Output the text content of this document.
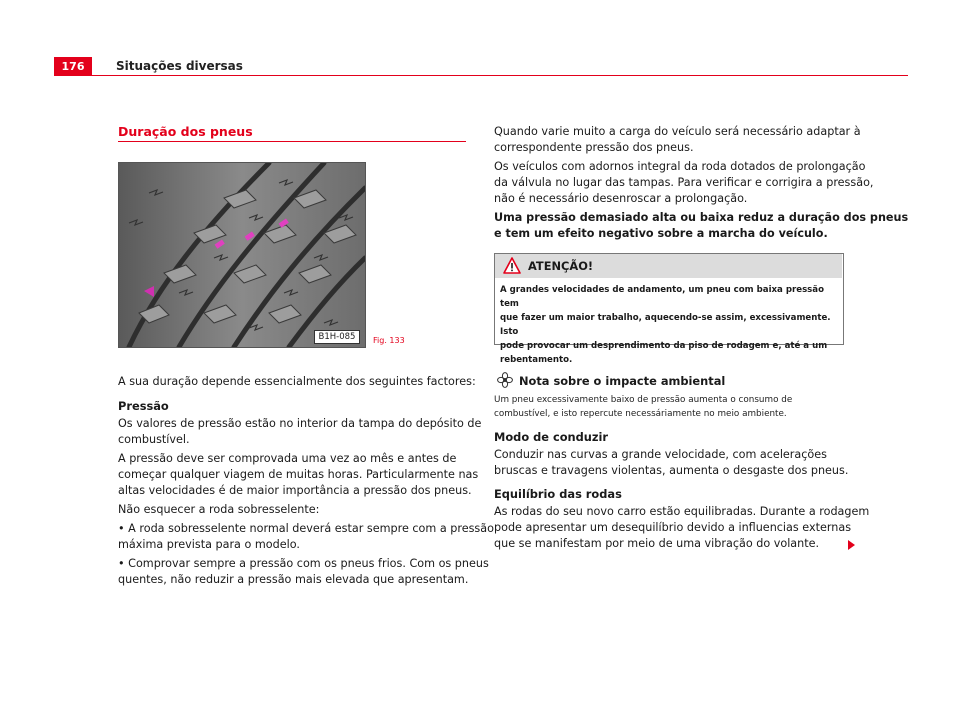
176	Situações diversas
Duração dos pneus
B1H-085	Fig. 133
A sua duração depende essencialmente dos seguintes factores:
Pressão
Os valores de pressão estão no interior da tampa do depósito de
combustível.
A pressão deve ser comprovada uma vez ao mês e antes de
começar qualquer viagem de muitas horas. Particularmente nas
altas velocidades é de maior importância a pressão dos pneus.
Não esquecer a roda sobresselente:
• A roda sobresselente normal deverá estar sempre com a pressão
máxima prevista para o modelo.
• Comprovar sempre a pressão com os pneus frios. Com os pneus
quentes, não reduzir a pressão mais elevada que apresentam.
Quando varie muito a carga do veículo será necessário adaptar à
correspondente pressão dos pneus.
Os veículos com adornos integral da roda dotados de prolongação
da válvula no lugar das tampas. Para verificar e corrigira a pressão,
não é necessário desenroscar a prolongação.
Uma pressão demasiado alta ou baixa reduz a duração dos pneus
e tem um efeito negativo sobre a marcha do veículo.
ATENÇÃO!
A grandes velocidades de andamento, um pneu com baixa pressão tem
que fazer um maior trabalho, aquecendo-se assim, excessivamente. Isto
pode provocar um desprendimento da piso de rodagem e, até a um
rebentamento.
Nota sobre o impacte ambiental
Um pneu excessivamente baixo de pressão aumenta o consumo de
combustível, e isto repercute necessáriamente no meio ambiente.
Modo de conduzir
Conduzir nas curvas a grande velocidade, com acelerações
bruscas e travagens violentas, aumenta o desgaste dos pneus.
Equilíbrio das rodas
As rodas do seu novo carro estão equilibradas. Durante a rodagem
pode apresentar um desequilíbrio devido a influencias externas
que se manifestam por meio de uma vibração do volante.
